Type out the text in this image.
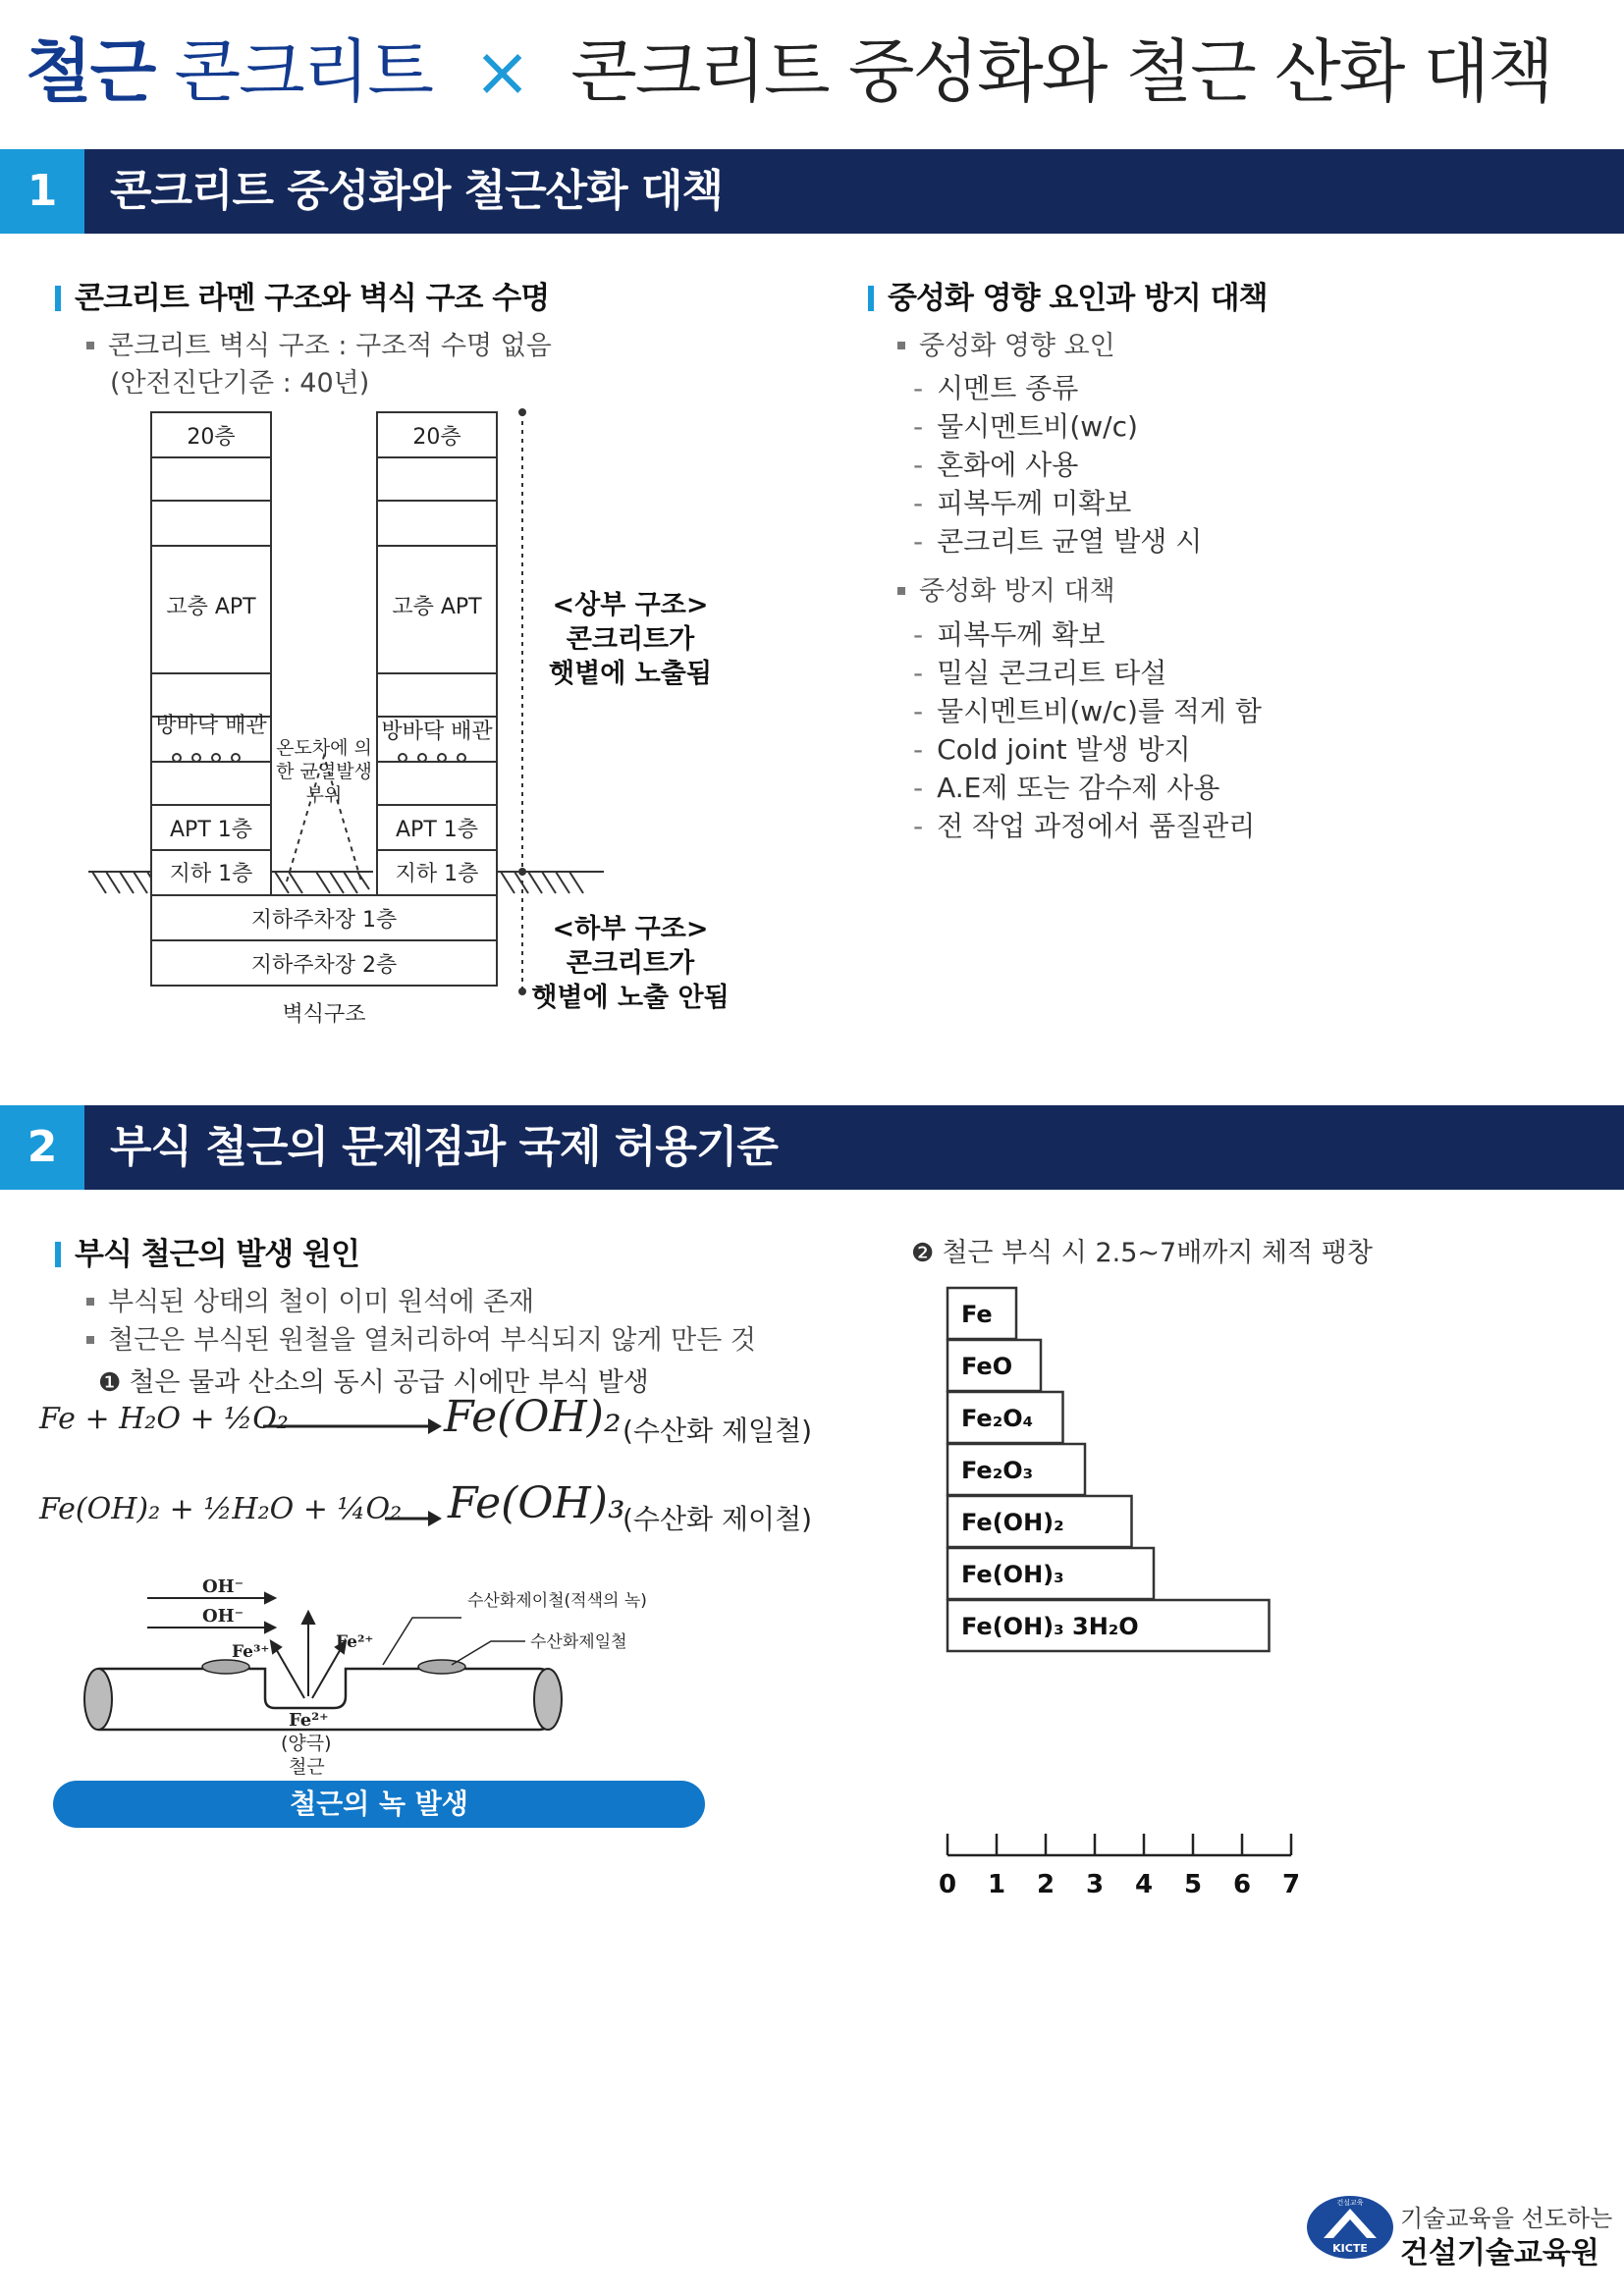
철근 콘크리트 × 콘크리트 중성화와 철근 산화 대책
1	콘크리트 중성화와 철근산화 대책
콘크리트 라멘 구조와 벽식 구조 수명
콘크리트 벽식 구조 : 구조적 수명 없음
(안전진단기준 : 40년)
20층	20층
고층 APT	고층 APT
방바닥 배관	방바닥 배관
온도차에 의한 균열발생 부위
APT 1층	APT 1층
지하 1층	지하 1층
지하주차장 1층
지하주차장 2층
벽식구조
<상부 구조>
콘크리트가
햇볕에 노출됨
<하부 구조>
콘크리트가
햇볕에 노출 안됨
중성화 영향 요인과 방지 대책
중성화 영향 요인
- 시멘트 종류
- 물시멘트비(w/c)
- 혼화에 사용
- 피복두께 미확보
- 콘크리트 균열 발생 시
중성화 방지 대책
- 피복두께 확보
- 밀실 콘크리트 타설
- 물시멘트비(w/c)를 적게 함
- Cold joint 발생 방지
- A.E제 또는 감수제 사용
- 전 작업 과정에서 품질관리
2	부식 철근의 문제점과 국제 허용기준
부식 철근의 발생 원인
부식된 상태의 철이 이미 원석에 존재
철근은 부식된 원철을 열처리하여 부식되지 않게 만든 것
❶ 철은 물과 산소의 동시 공급 시에만 부식 발생
Fe + H₂O + ½O₂	Fe(OH)₂ (수산화 제일철)
Fe(OH)₂ + ½H₂O + ¼O₂ Fe(OH)₃
(수산화 제이철)
OH⁻
OH⁻
Fe³⁺	Fe²⁺
Fe²⁺
(양극)
철근
수산화제이철(적색의 녹)
수산화제일철
철근의 녹 발생
❷ 철근 부식 시 2.5~7배까지 체적 팽창
Fe
FeO
Fe₂O₄
Fe₂O₃
Fe(OH)₂
Fe(OH)₃
Fe(OH)₃ 3H₂O
0 1 2 3 4 5 6 7
KICTE
건설교육
기술교육을 선도하는
건설기술교육원
